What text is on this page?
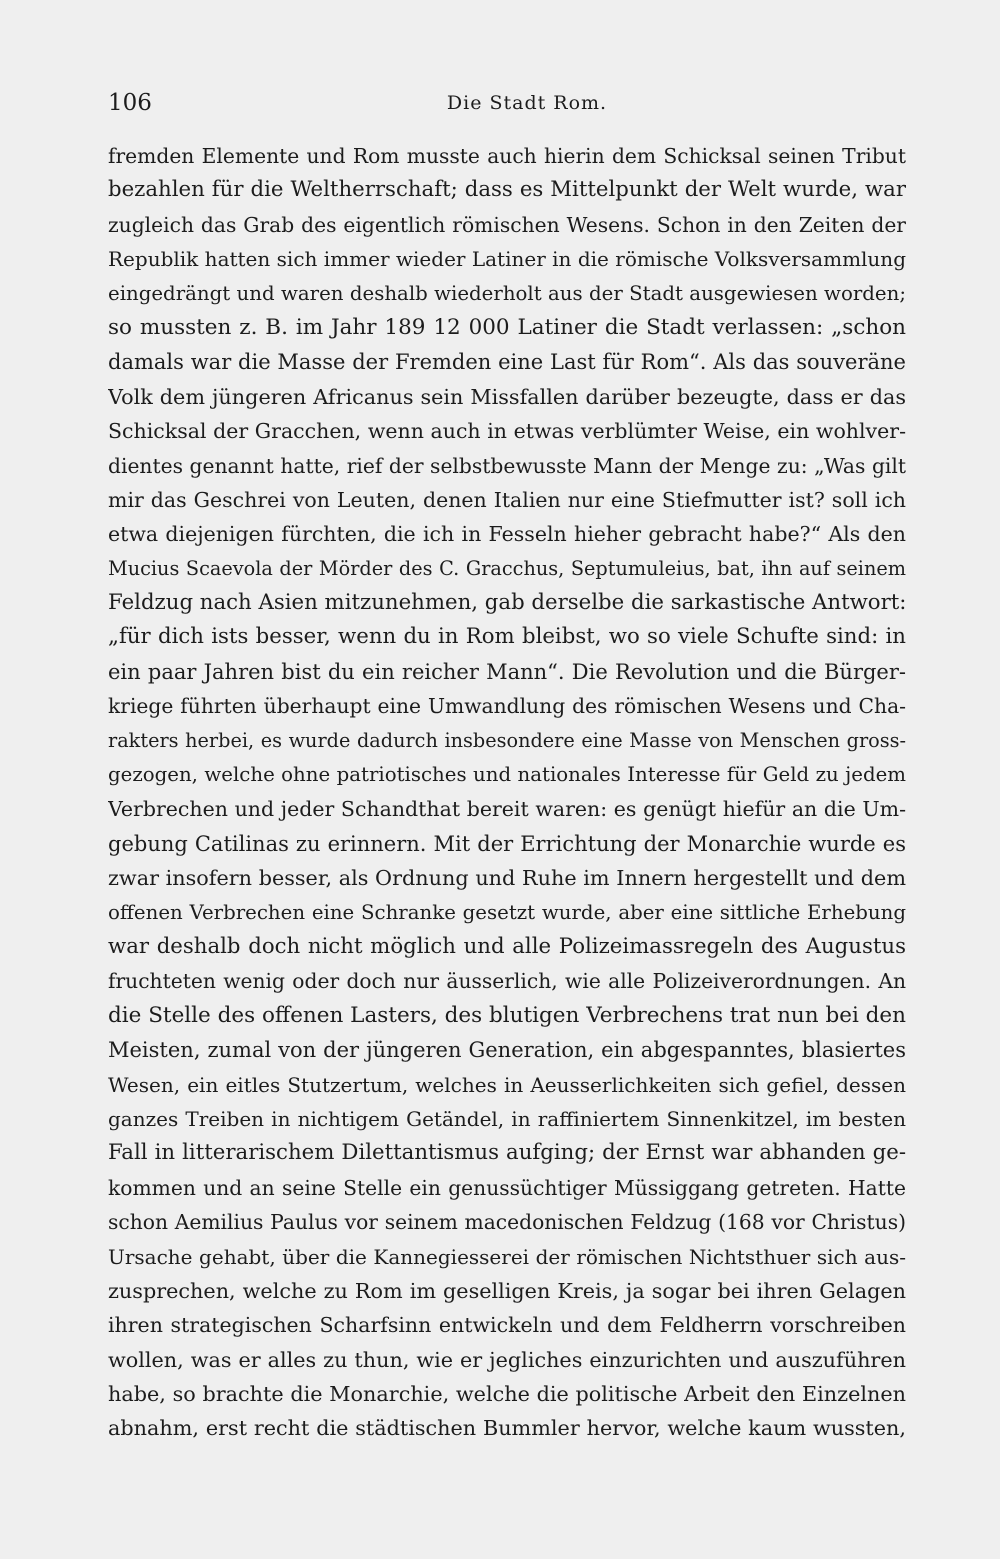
106	Die Stadt Rom.
fremden Elemente und Rom musste auch hierin dem Schicksal seinen Tribut
bezahlen für die Weltherrschaft; dass es Mittelpunkt der Welt wurde, war
zugleich das Grab des eigentlich römischen Wesens. Schon in den Zeiten der
Republik hatten sich immer wieder Latiner in die römische Volksversammlung
eingedrängt und waren deshalb wiederholt aus der Stadt ausgewiesen worden;
so mussten z. B. im Jahr 189 12 000 Latiner die Stadt verlassen: „schon
damals war die Masse der Fremden eine Last für Rom“. Als das souveräne
Volk dem jüngeren Africanus sein Missfallen darüber bezeugte, dass er das
Schicksal der Gracchen, wenn auch in etwas verblümter Weise, ein wohlver-
dientes genannt hatte, rief der selbstbewusste Mann der Menge zu: „Was gilt
mir das Geschrei von Leuten, denen Italien nur eine Stiefmutter ist? soll ich
etwa diejenigen fürchten, die ich in Fesseln hieher gebracht habe?“ Als den
Mucius Scaevola der Mörder des C. Gracchus, Septumuleius, bat, ihn auf seinem
Feldzug nach Asien mitzunehmen, gab derselbe die sarkastische Antwort:
„für dich ists besser, wenn du in Rom bleibst, wo so viele Schufte sind: in
ein paar Jahren bist du ein reicher Mann“. Die Revolution und die Bürger-
kriege führten überhaupt eine Umwandlung des römischen Wesens und Cha-
rakters herbei, es wurde dadurch insbesondere eine Masse von Menschen gross-
gezogen, welche ohne patriotisches und nationales Interesse für Geld zu jedem
Verbrechen und jeder Schandthat bereit waren: es genügt hiefür an die Um-
gebung Catilinas zu erinnern. Mit der Errichtung der Monarchie wurde es
zwar insofern besser, als Ordnung und Ruhe im Innern hergestellt und dem
offenen Verbrechen eine Schranke gesetzt wurde, aber eine sittliche Erhebung
war deshalb doch nicht möglich und alle Polizeimassregeln des Augustus
fruchteten wenig oder doch nur äusserlich, wie alle Polizeiverordnungen. An
die Stelle des offenen Lasters, des blutigen Verbrechens trat nun bei den
Meisten, zumal von der jüngeren Generation, ein abgespanntes, blasiertes
Wesen, ein eitles Stutzertum, welches in Aeusserlichkeiten sich gefiel, dessen
ganzes Treiben in nichtigem Getändel, in raffiniertem Sinnenkitzel, im besten
Fall in litterarischem Dilettantismus aufging; der Ernst war abhanden ge-
kommen und an seine Stelle ein genussüchtiger Müssiggang getreten. Hatte
schon Aemilius Paulus vor seinem macedonischen Feldzug (168 vor Christus)
Ursache gehabt, über die Kannegiesserei der römischen Nichtsthuer sich aus-
zusprechen, welche zu Rom im geselligen Kreis, ja sogar bei ihren Gelagen
ihren strategischen Scharfsinn entwickeln und dem Feldherrn vorschreiben
wollen, was er alles zu thun, wie er jegliches einzurichten und auszuführen
habe, so brachte die Monarchie, welche die politische Arbeit den Einzelnen
abnahm, erst recht die städtischen Bummler hervor, welche kaum wussten,
